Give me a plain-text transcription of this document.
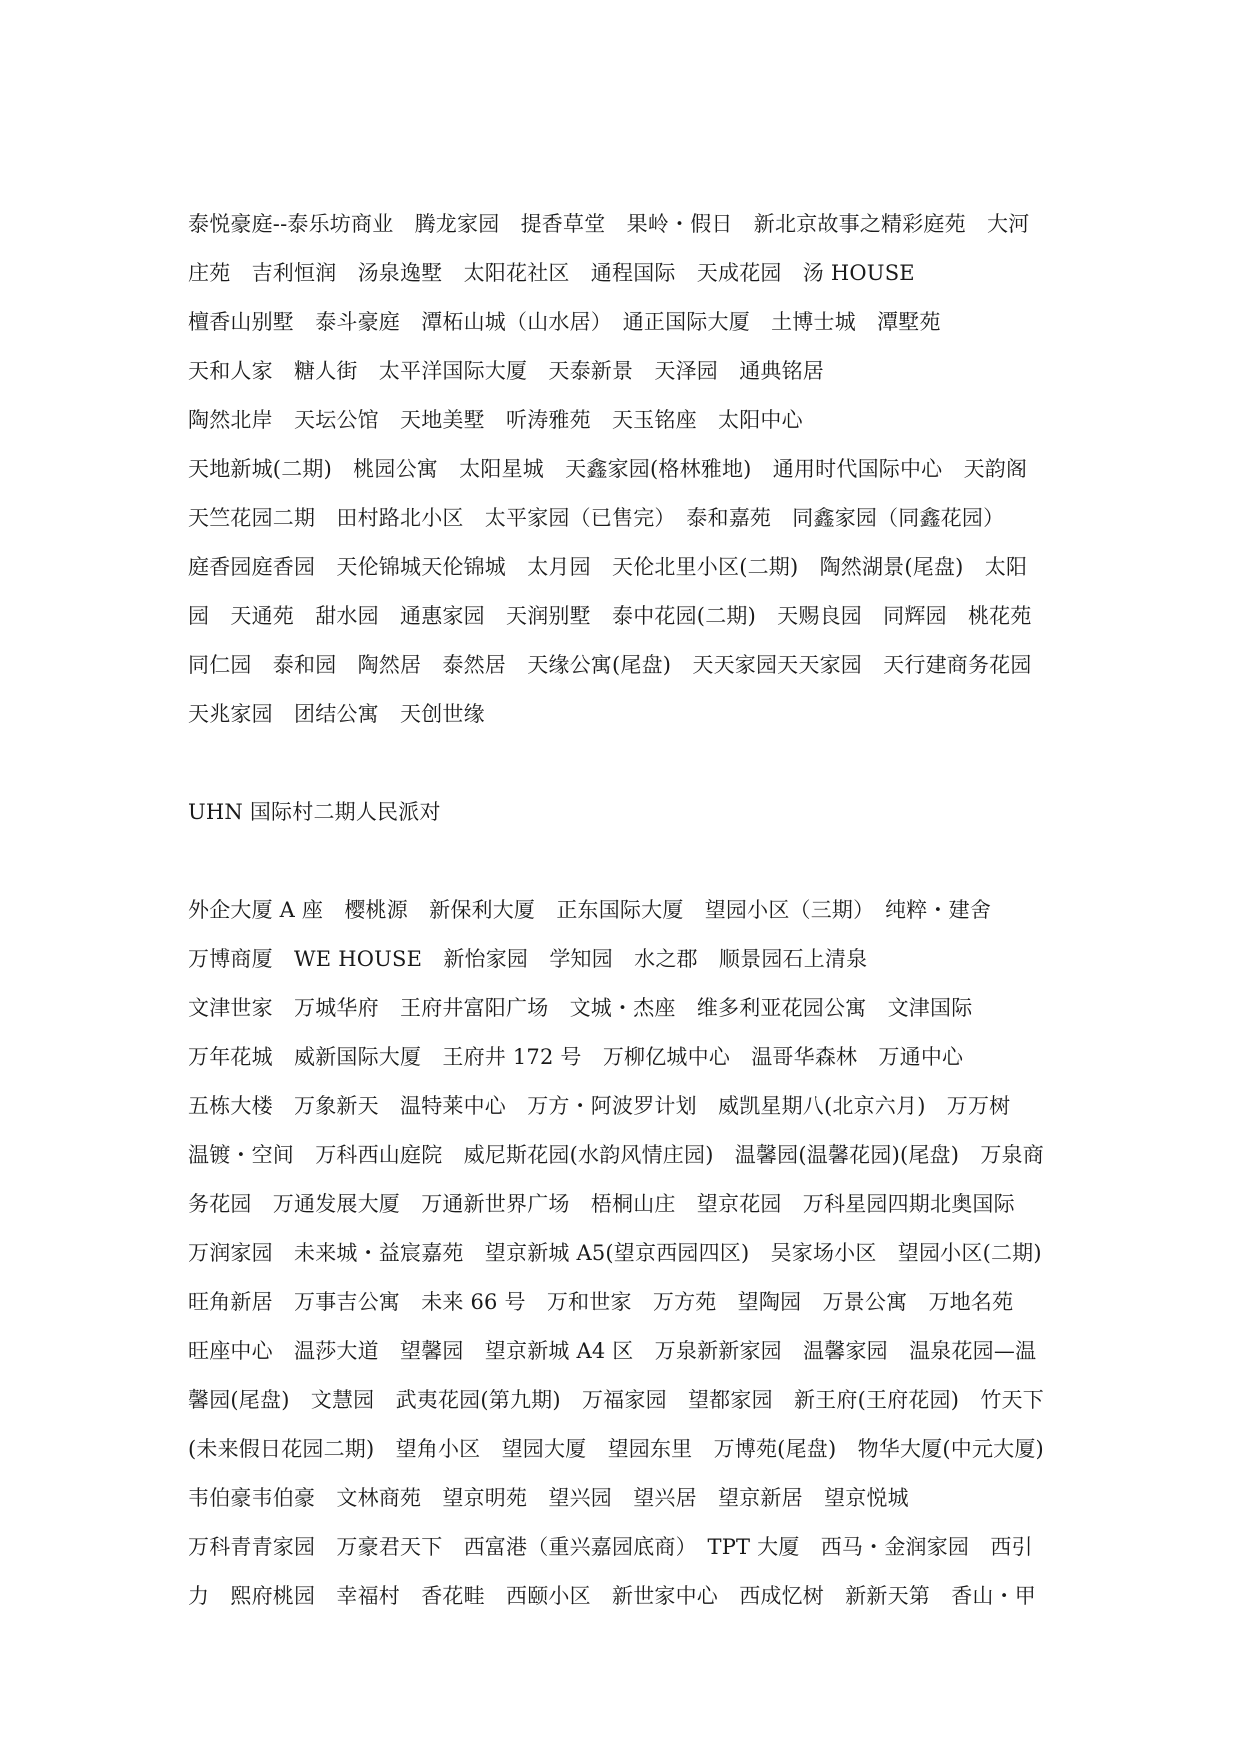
泰悦豪庭--泰乐坊商业　腾龙家园　提香草堂　果岭・假日　新北京故事之精彩庭苑　大河
庄苑　吉利恒润　汤泉逸墅　太阳花社区　通程国际　天成花园　汤 HOUSE
檀香山别墅　泰斗豪庭　潭柘山城（山水居）　通正国际大厦　土博士城　潭墅苑
天和人家　糖人街　太平洋国际大厦　天泰新景　天泽园　通典铭居
陶然北岸　天坛公馆　天地美墅　听涛雅苑　天玉铭座　太阳中心
天地新城(二期)　桃园公寓　太阳星城　天鑫家园(格林雅地)　通用时代国际中心　天韵阁
天竺花园二期　田村路北小区　太平家园（已售完）　泰和嘉苑　同鑫家园（同鑫花园）
庭香园庭香园　天伦锦城天伦锦城　太月园　天伦北里小区(二期)　陶然湖景(尾盘)　太阳
园　天通苑　甜水园　通惠家园　天润别墅　泰中花园(二期)　天赐良园　同辉园　桃花苑
同仁园　泰和园　陶然居　泰然居　天缘公寓(尾盘)　天天家园天天家园　天行建商务花园
天兆家园　团结公寓　天创世缘
UHN 国际村二期人民派对
外企大厦 A 座　樱桃源　新保利大厦　正东国际大厦　望园小区（三期）　纯粹・建舍
万博商厦　WE HOUSE　新怡家园　学知园　水之郡　顺景园石上清泉
文津世家　万城华府　王府井富阳广场　文城・杰座　维多利亚花园公寓　文津国际
万年花城　威新国际大厦　王府井 172 号　万柳亿城中心　温哥华森林　万通中心
五栋大楼　万象新天　温特莱中心　万方・阿波罗计划　威凯星期八(北京六月)　万万树
温镀・空间　万科西山庭院　威尼斯花园(水韵风情庄园)　温馨园(温馨花园)(尾盘)　万泉商
务花园　万通发展大厦　万通新世界广场　梧桐山庄　望京花园　万科星园四期北奥国际
万润家园　未来城・益宸嘉苑　望京新城 A5(望京西园四区)　吴家场小区　望园小区(二期)
旺角新居　万事吉公寓　未来 66 号　万和世家　万方苑　望陶园　万景公寓　万地名苑
旺座中心　温莎大道　望馨园　望京新城 A4 区　万泉新新家园　温馨家园　温泉花园—温
馨园(尾盘)　文慧园　武夷花园(第九期)　万福家园　望都家园　新王府(王府花园)　竹天下
(未来假日花园二期)　望角小区　望园大厦　望园东里　万博苑(尾盘)　物华大厦(中元大厦)
韦伯豪韦伯豪　文林商苑　望京明苑　望兴园　望兴居　望京新居　望京悦城
万科青青家园　万豪君天下　西富港（重兴嘉园底商）　TPT 大厦　西马・金润家园　西引
力　熙府桃园　幸福村　香花畦　西颐小区　新世家中心　西成忆树　新新天第　香山・甲
